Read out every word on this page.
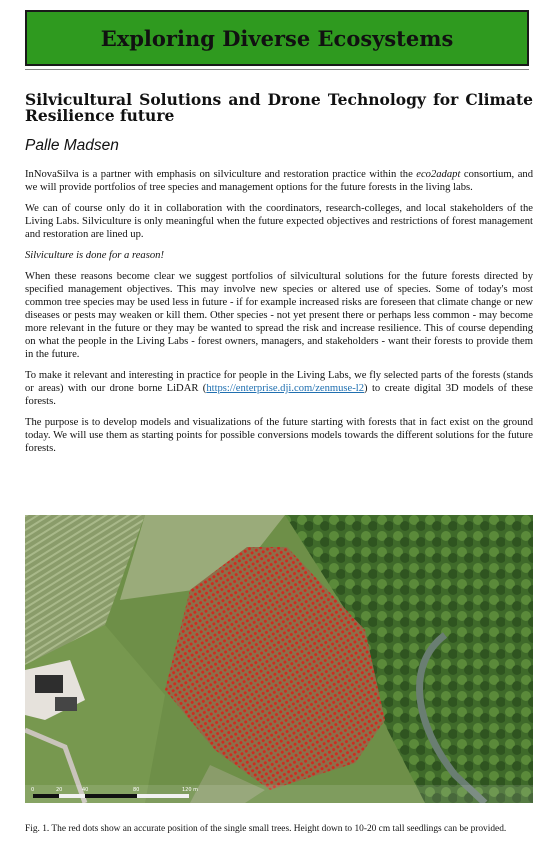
Exploring Diverse Ecosystems
Silvicultural Solutions and Drone Technology for Climate Resilience future

Palle Madsen

InNovaSilva is a partner with emphasis on silviculture and restoration practice within the eco2adapt consortium, and we will provide portfolios of tree species and management options for the future forests in the living labs.

We can of course only do it in collaboration with the coordinators, research-colleges, and local stakeholders of the Living Labs. Silviculture is only meaningful when the future expected objectives and restrictions of forest management and restoration are lined up.

Silviculture is done for a reason!

When these reasons become clear we suggest portfolios of silvicultural solutions for the future forests directed by specified management objectives. This may involve new species or altered use of species. Some of today's most common tree species may be used less in future - if for example increased risks are foreseen that climate change or new diseases or pests may weaken or kill them. Other species - not yet present there or perhaps less common - may become more relevant in the future or they may be wanted to spread the risk and increase resilience. This of course depending on what the people in the Living Labs - forest owners, managers, and stakeholders - want their forests to provide them in the future.

To make it relevant and interesting in practice for people in the Living Labs, we fly selected parts of the forests (stands or areas) with our drone borne LiDAR (https://enterprise.dji.com/zenmuse-l2) to create digital 3D models of these forests.

The purpose is to develop models and visualizations of the future starting with forests that in fact exist on the ground today. We will use them as starting points for possible conversions models towards the different solutions for the future forests.

0	20	40	80	120 m

Fig. 1. The red dots show an accurate position of the single small trees. Height down to 10-20 cm tall seedlings can be provided.
